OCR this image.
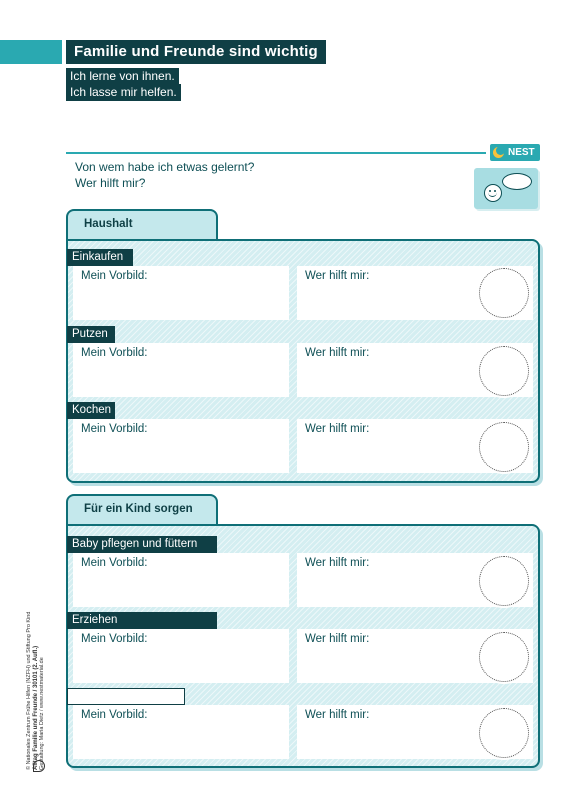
Familie und Freunde sind wichtig
Ich lerne von ihnen.
Ich lasse mir helfen.
NEST
Von wem habe ich etwas gelernt?
Wer hilft mir?
Haushalt
Einkaufen
Mein Vorbild:	Wer hilft mir:
Putzen
Mein Vorbild:	Wer hilft mir:
Kochen
Mein Vorbild:	Wer hilft mir:
Für ein Kind sorgen
Baby pflegen und füttern
Mein Vorbild:	Wer hilft mir:
Erziehen
Mein Vorbild:	Wer hilft mir:
Mein Vorbild:	Wer hilft mir:
© Nationales Zentrum Frühe Hilfen (NZFH) und Stiftung Pro Kind Alltag Familie und Freunde / 30101 (2. Aufl.) Gestaltung: Maria Dietz / www.nestmaterial.de
